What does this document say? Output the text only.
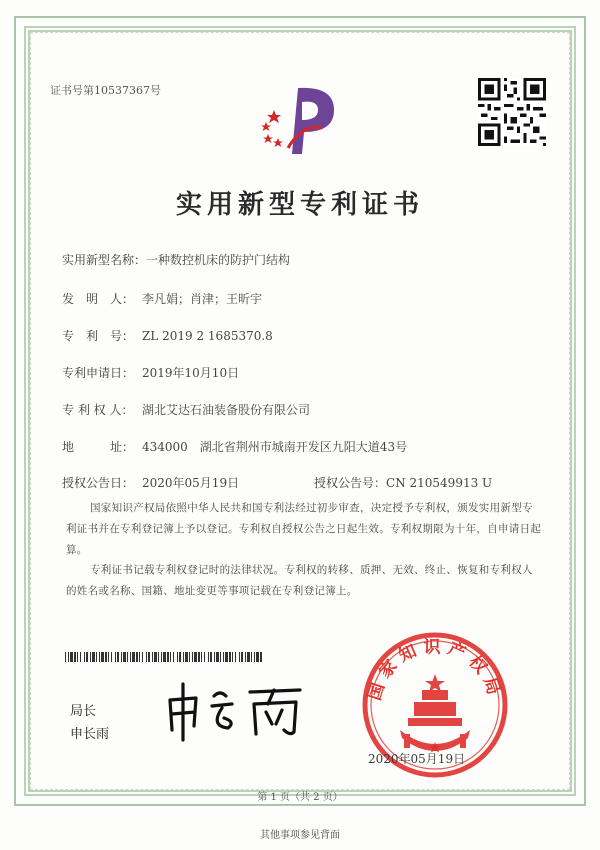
证书号第10537367号
实用新型专利证书
实用新型名称：一种数控机床的防护门结构
发　明　人： 李凡娟；肖津；王昕宇
专　利　号： ZL 2019 2 1685370.8
专利申请日： 2019年10月10日
专 利 权 人： 湖北艾达石油装备股份有限公司
地　　　址： 434000　湖北省荆州市城南开发区九阳大道43号
授权公告日： 2020年05月19日	授权公告号：CN 210549913 U
国家知识产权局依照中华人民共和国专利法经过初步审查，决定授予专利权，颁发实用新型专利证书并在专利登记簿上予以登记。专利权自授权公告之日起生效。专利权期限为十年，自申请日起算。
专利证书记载专利权登记时的法律状况。专利权的转移、质押、无效、终止、恢复和专利权人的姓名或名称、国籍、地址变更等事项记载在专利登记簿上。
局长
申长雨
国家知识产权局
2020年05月19日
第 1 页（共 2 页）
其他事项参见背面
